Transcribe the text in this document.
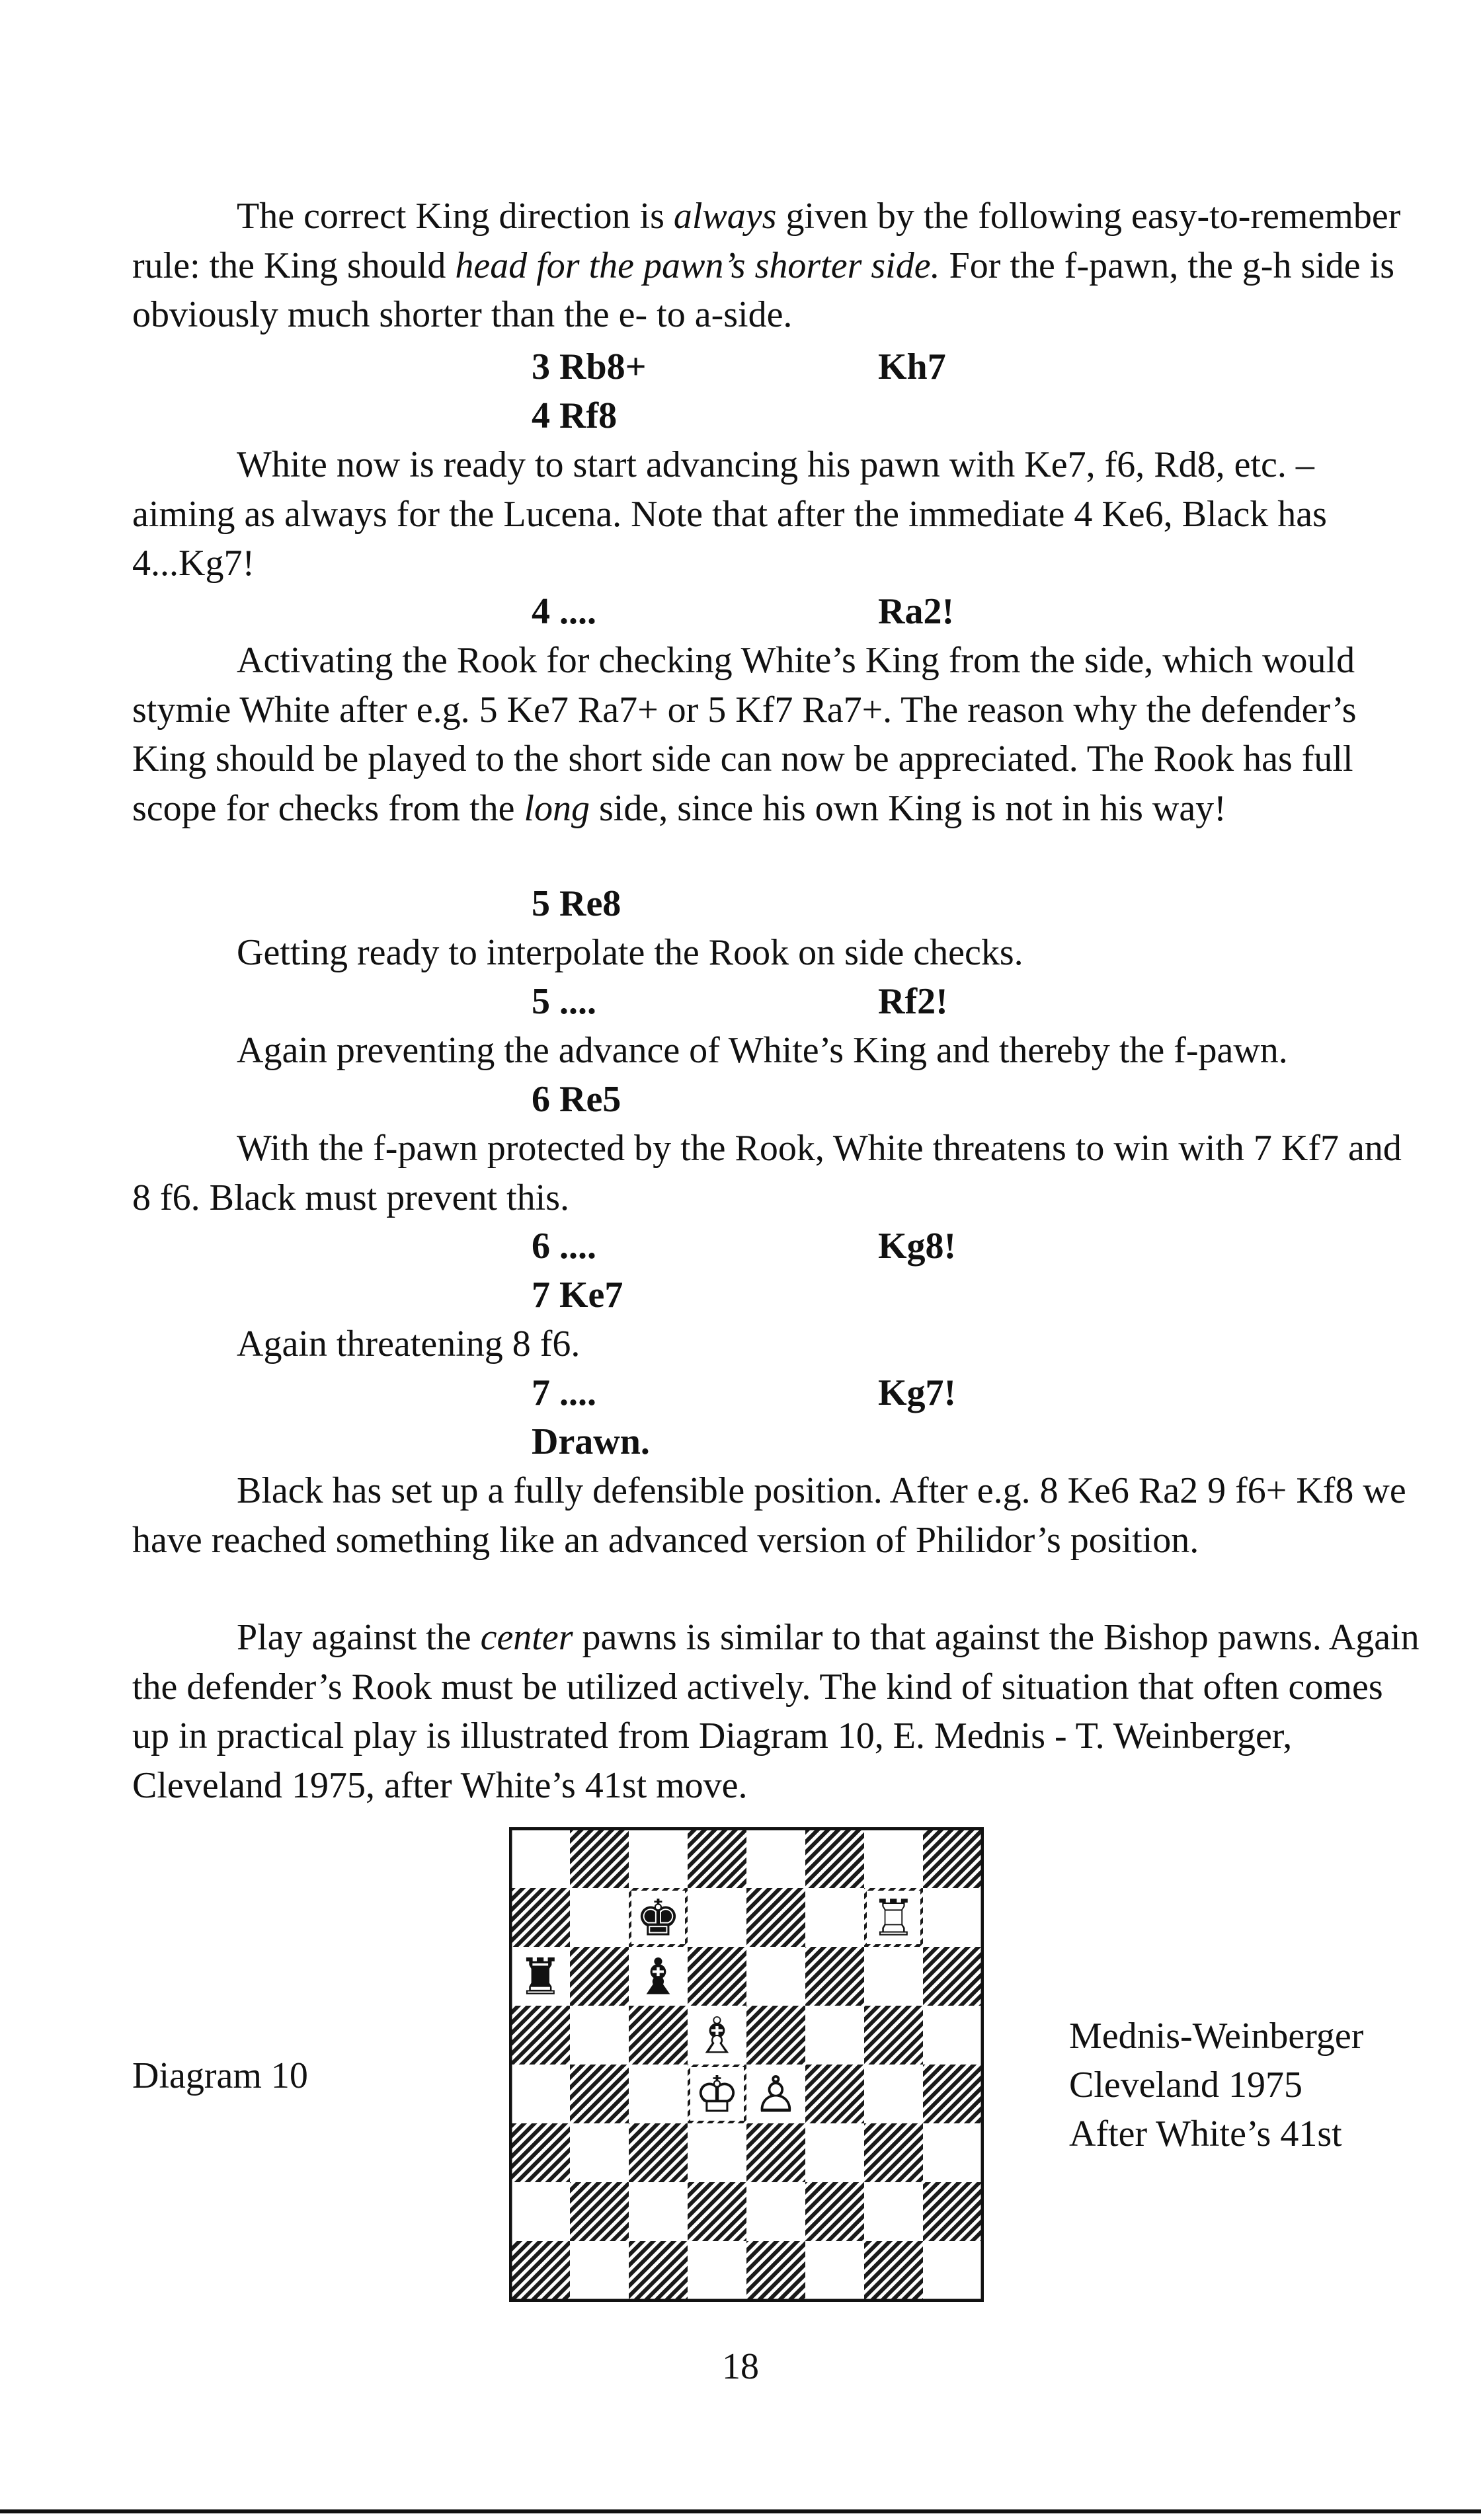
The correct King direction is always given by the following easy-to-remember rule: the King should head for the pawn’s shorter side. For the f-pawn, the g-h side is obviously much shorter than the e- to a-side.

3 Rb8+	Kh7
4 Rf8

White now is ready to start advancing his pawn with Ke7, f6, Rd8, etc. – aiming as always for the Lucena. Note that after the immediate 4 Ke6, Black has 4...Kg7!

4 ....	Ra2!

Activating the Rook for checking White’s King from the side, which would stymie White after e.g. 5 Ke7 Ra7+ or 5 Kf7 Ra7+. The reason why the defender’s King should be played to the short side can now be appreciated. The Rook has full scope for checks from the long side, since his own King is not in his way!

5 Re8

Getting ready to interpolate the Rook on side checks.

5 ....	Rf2!

Again preventing the advance of White’s King and thereby the f-pawn.

6 Re5

With the f-pawn protected by the Rook, White threatens to win with 7 Kf7 and 8 f6. Black must prevent this.

6 ....	Kg8!
7 Ke7

Again threatening 8 f6.

7 ....	Kg7!
Drawn.

Black has set up a fully defensible position. After e.g. 8 Ke6 Ra2 9 f6+ Kf8 we have reached something like an advanced version of Philidor’s position.

Play against the center pawns is similar to that against the Bishop pawns. Again the defender’s Rook must be utilized actively. The kind of situation that often comes up in practical play is illustrated from Diagram 10, E. Mednis - T. Weinberger, Cleveland 1975, after White’s 41st move.

Diagram 10
♖
♚
♜ ♝
♗
♔ ♙
Mednis-Weinberger
Cleveland 1975
After White’s 41st
18
